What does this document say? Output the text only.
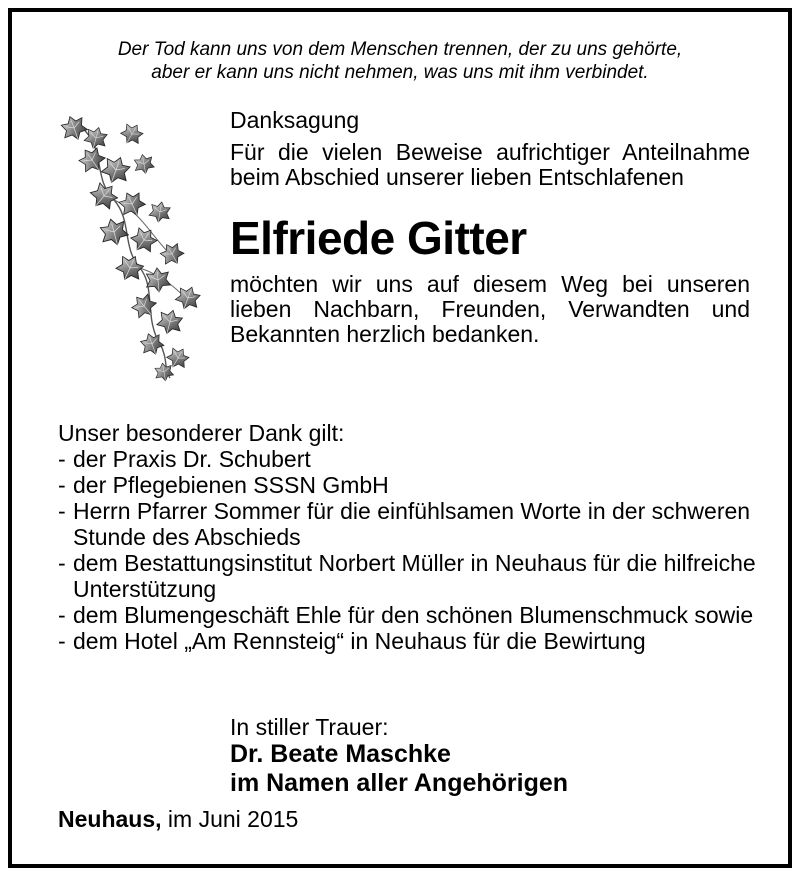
Der Tod kann uns von dem Menschen trennen, der zu uns gehörte,
aber er kann uns nicht nehmen, was uns mit ihm verbindet.
Danksagung
Für die vielen Beweise aufrichtiger Anteilnahme beim Abschied unserer lieben Entschlafenen
Elfriede Gitter
möchten wir uns auf diesem Weg bei unseren lieben Nachbarn, Freunden, Verwandten und Bekannten herzlich bedanken.
Unser besonderer Dank gilt:
- der Praxis Dr. Schubert
- der Pflegebienen SSSN GmbH
- Herrn Pfarrer Sommer für die einfühlsamen Worte in der schweren Stunde des Abschieds
- dem Bestattungsinstitut Norbert Müller in Neuhaus für die hilfreiche Unterstützung
- dem Blumengeschäft Ehle für den schönen Blumenschmuck sowie
- dem Hotel „Am Rennsteig“ in Neuhaus für die Bewirtung
In stiller Trauer:
Dr. Beate Maschke
im Namen aller Angehörigen
Neuhaus, im Juni 2015
